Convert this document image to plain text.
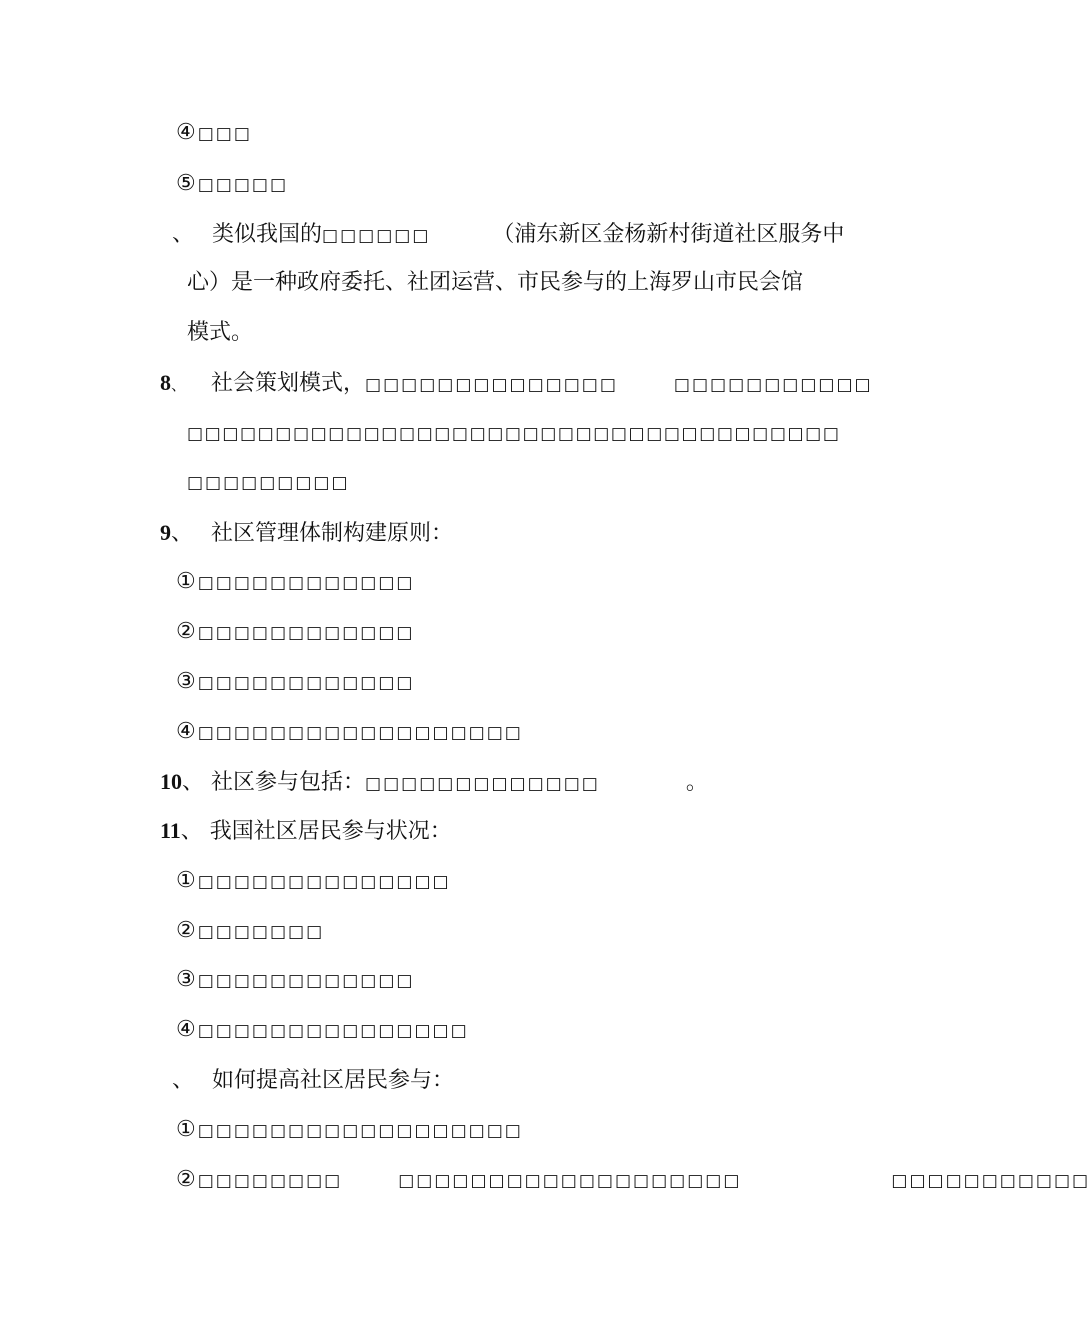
④ □□□
⑤ □□□□□
、 类似我国的□□□□□□	（浦东新区金杨新村街道社区服务中
心）是一种政府委托、社团运营、市民参与的上海罗山市民会馆
模式。
8、 社会策划模式，□□□□□□□□□□□□□□	□□□□□□□□□□□
□□□□□□□□□□□□□□□□□□□□□□□□□□□□□□□□□□□□□
□□□□□□□□□
9、 社区管理体制构建原则：
① □□□□□□□□□□□□
② □□□□□□□□□□□□
③ □□□□□□□□□□□□
④ □□□□□□□□□□□□□□□□□□
10、 社区参与包括：□□□□□□□□□□□□□	。
11、 我国社区居民参与状况：
① □□□□□□□□□□□□□□
② □□□□□□□
③ □□□□□□□□□□□□
④ □□□□□□□□□□□□□□□
、 如何提高社区居民参与：
① □□□□□□□□□□□□□□□□□□
② □□□□□□□□	□□□□□□□□□□□□□□□□□□□	□□□□□□□□□□□
